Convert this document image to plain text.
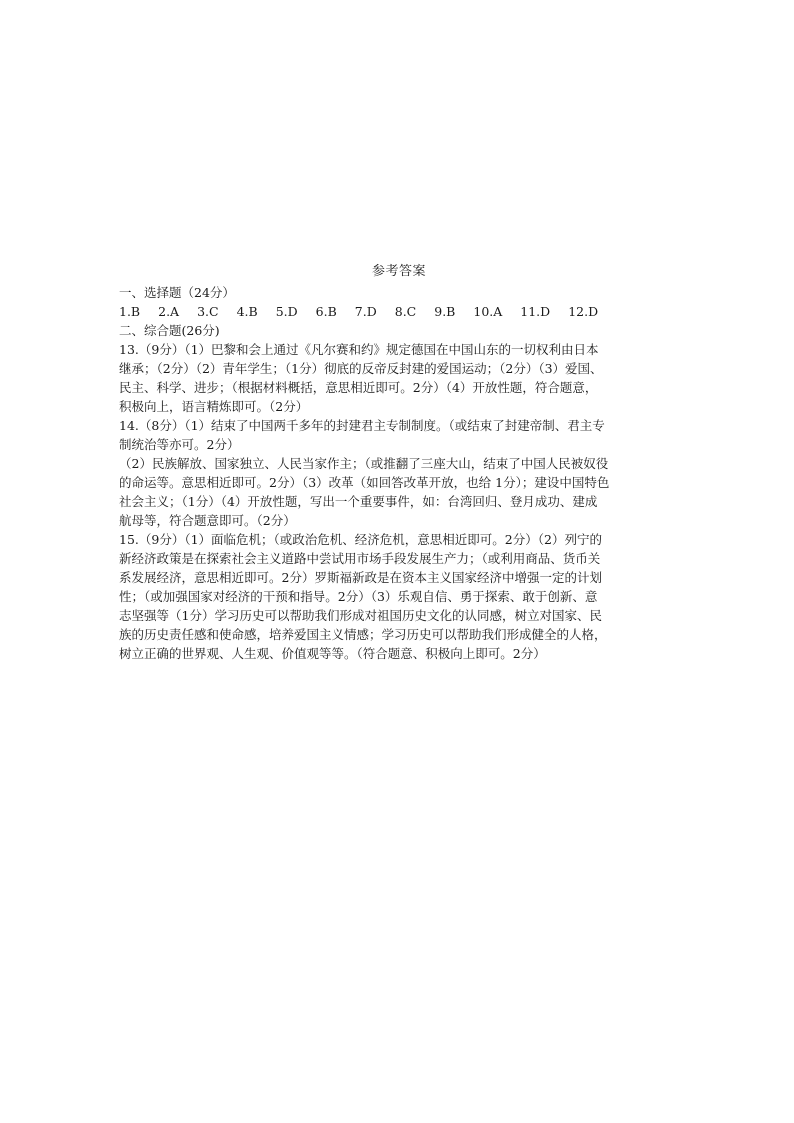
参考答案
一、选择题（24分）
1.B 2.A 3.C 4.B 5.D 6.B 7.D 8.C 9.B 10.A 11.D 12.D
二、综合题(26分)
13.（9分）（1）巴黎和会上通过《凡尔赛和约》规定德国在中国山东的一切权利由日本
继承；（2分）（2）青年学生；（1分）彻底的反帝反封建的爱国运动；（2分）（3）爱国、
民主、科学、进步；（根据材料概括，意思相近即可。2分）（4）开放性题，符合题意，
积极向上，语言精炼即可。（2分）
14.（8分）（1）结束了中国两千多年的封建君主专制制度。（或结束了封建帝制、君主专
制统治等亦可。2分）
（2）民族解放、国家独立、人民当家作主；（或推翻了三座大山，结束了中国人民被奴役
的命运等。意思相近即可。2分）（3）改革（如回答改革开放，也给 1分）；建设中国特色
社会主义；（1分）（4）开放性题，写出一个重要事件，如：台湾回归、登月成功、建成
航母等，符合题意即可。（2分）
15.（9分）（1）面临危机；（或政治危机、经济危机，意思相近即可。2分）（2）列宁的
新经济政策是在探索社会主义道路中尝试用市场手段发展生产力；（或利用商品、货币关
系发展经济，意思相近即可。2分）罗斯福新政是在资本主义国家经济中增强一定的计划
性；（或加强国家对经济的干预和指导。2分）（3）乐观自信、勇于探索、敢于创新、意
志坚强等（1分）学习历史可以帮助我们形成对祖国历史文化的认同感，树立对国家、民
族的历史责任感和使命感，培养爱国主义情感；学习历史可以帮助我们形成健全的人格，
树立正确的世界观、人生观、价值观等等。（符合题意、积极向上即可。2分）
